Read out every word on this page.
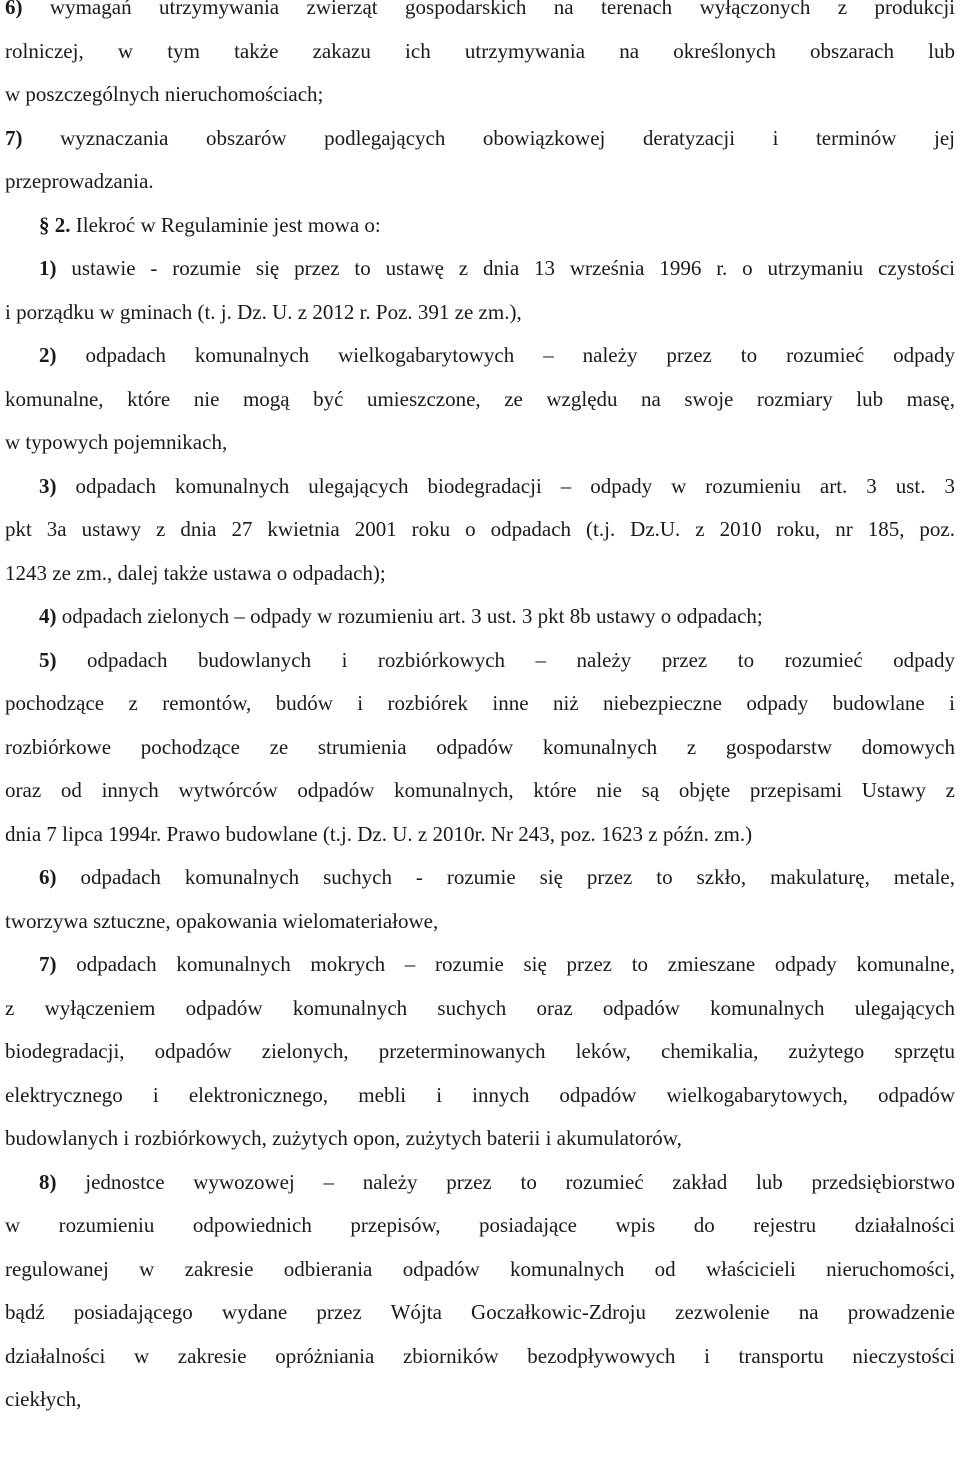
6) wymagań utrzymywania zwierząt gospodarskich na terenach wyłączonych z produkcji
rolniczej, w tym także zakazu ich utrzymywania na określonych obszarach lub
w poszczególnych nieruchomościach;
7) wyznaczania obszarów podlegających obowiązkowej deratyzacji i terminów jej
przeprowadzania.
§ 2. Ilekroć w Regulaminie jest mowa o:
1) ustawie - rozumie się przez to ustawę z dnia 13 września 1996 r. o utrzymaniu czystości
i porządku w gminach (t. j. Dz. U. z 2012 r. Poz. 391 ze zm.),
2) odpadach komunalnych wielkogabarytowych – należy przez to rozumieć odpady
komunalne, które nie mogą być umieszczone, ze względu na swoje rozmiary lub masę,
w typowych pojemnikach,
3) odpadach komunalnych ulegających biodegradacji – odpady w rozumieniu art. 3 ust. 3
pkt 3a ustawy z dnia 27 kwietnia 2001 roku o odpadach (t.j. Dz.U. z 2010 roku, nr 185, poz.
1243 ze zm., dalej także ustawa o odpadach);
4) odpadach zielonych – odpady w rozumieniu art. 3 ust. 3 pkt 8b ustawy o odpadach;
5) odpadach budowlanych i rozbiórkowych – należy przez to rozumieć odpady
pochodzące z remontów, budów i rozbiórek inne niż niebezpieczne odpady budowlane i
rozbiórkowe pochodzące ze strumienia odpadów komunalnych z gospodarstw domowych
oraz od innych wytwórców odpadów komunalnych, które nie są objęte przepisami Ustawy z
dnia 7 lipca 1994r. Prawo budowlane (t.j. Dz. U. z 2010r. Nr 243, poz. 1623 z późn. zm.)
6) odpadach komunalnych suchych - rozumie się przez to szkło, makulaturę, metale,
tworzywa sztuczne, opakowania wielomateriałowe,
7) odpadach komunalnych mokrych – rozumie się przez to zmieszane odpady komunalne,
z wyłączeniem odpadów komunalnych suchych oraz odpadów komunalnych ulegających
biodegradacji, odpadów zielonych, przeterminowanych leków, chemikalia, zużytego sprzętu
elektrycznego i elektronicznego, mebli i innych odpadów wielkogabarytowych, odpadów
budowlanych i rozbiórkowych, zużytych opon, zużytych baterii i akumulatorów,
8) jednostce wywozowej – należy przez to rozumieć zakład lub przedsiębiorstwo
w rozumieniu odpowiednich przepisów, posiadające wpis do rejestru działalności
regulowanej w zakresie odbierania odpadów komunalnych od właścicieli nieruchomości,
bądź posiadającego wydane przez Wójta Goczałkowic-Zdroju zezwolenie na prowadzenie
działalności w zakresie opróżniania zbiorników bezodpływowych i transportu nieczystości
ciekłych,
